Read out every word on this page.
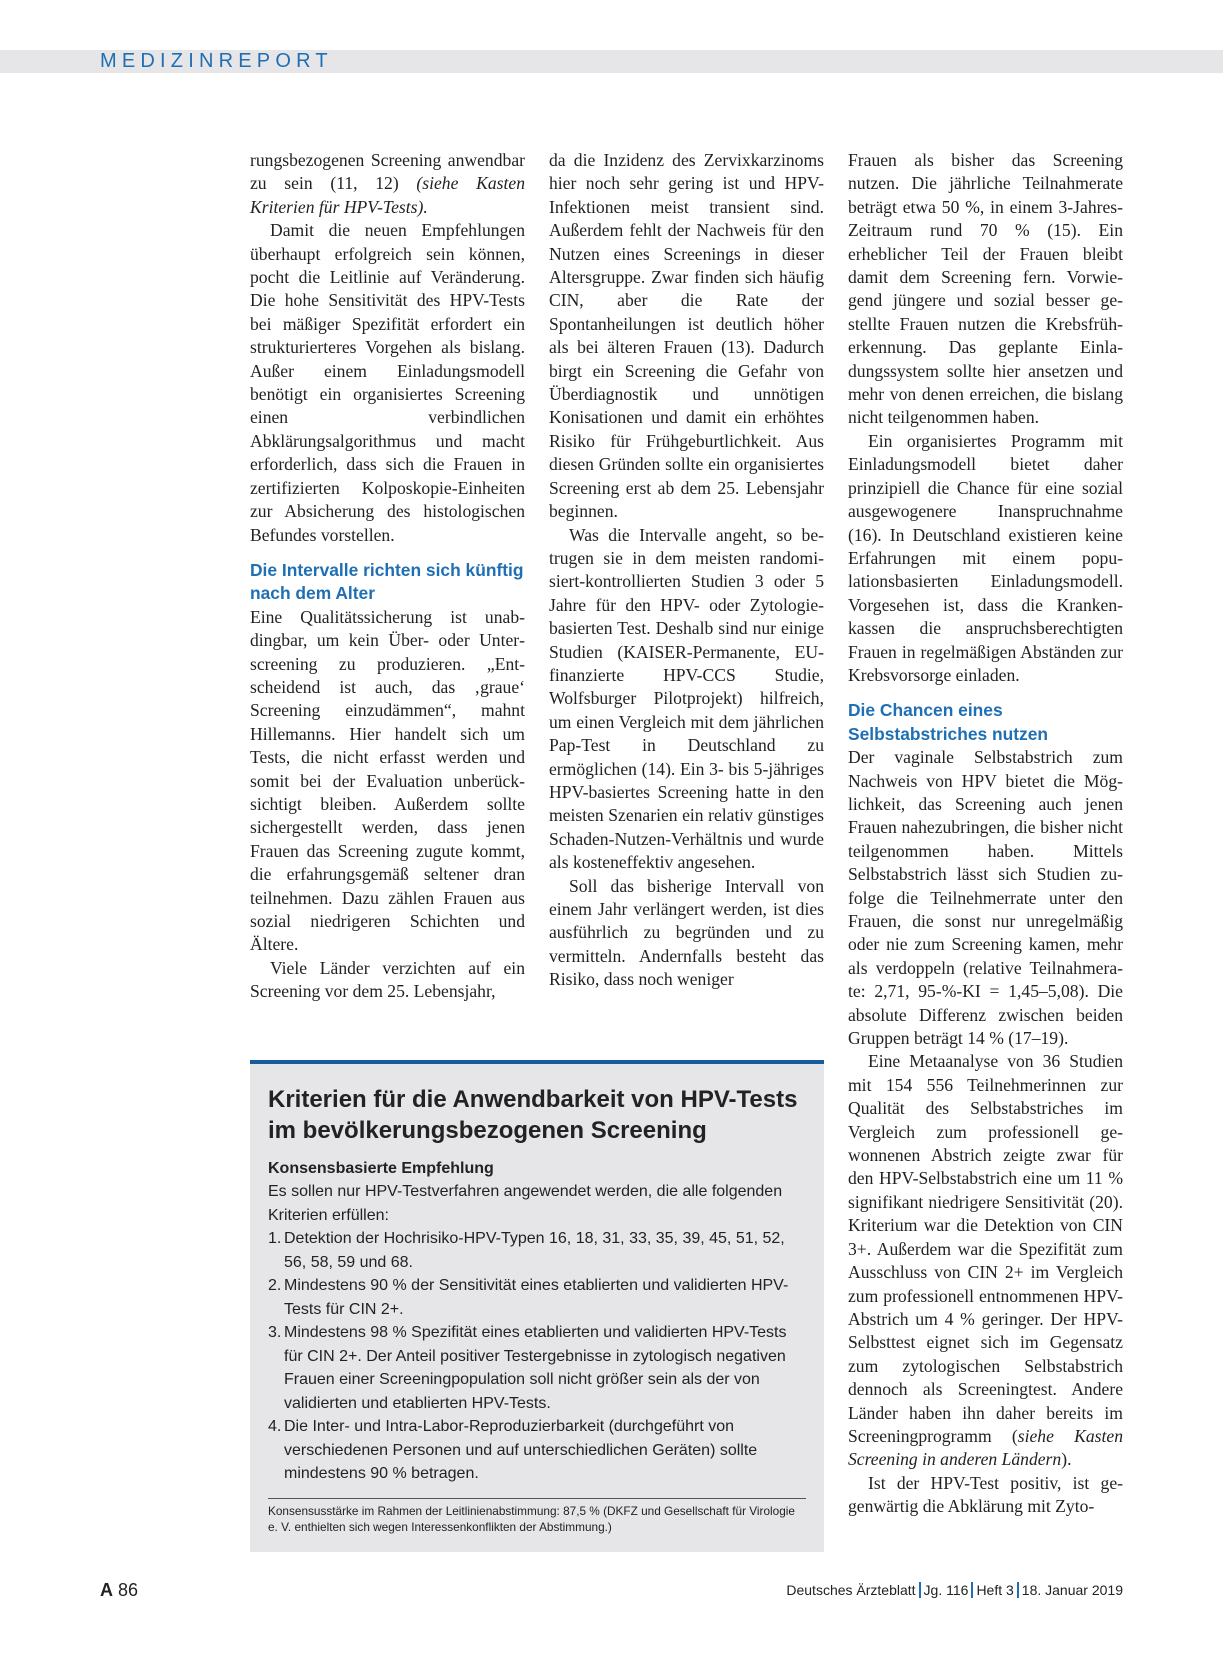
MEDIZINREPORT

rungsbezogenen Screening anwendbar zu sein (11, 12) (siehe Kasten Kriterien für HPV-Tests).

Damit die neuen Empfehlungen überhaupt erfolgreich sein können, pocht die Leitlinie auf Veränderung. Die hohe Sensitivität des HPV-Tests bei mäßiger Spezifität erfordert ein strukturierteres Vorgehen als bislang. Außer einem Einladungsmodell benötigt ein organisiertes Screening einen verbindlichen Abklärungsalgorithmus und macht erforderlich, dass sich die Frauen in zertifizierten Kolposkopie-Einheiten zur Absicherung des histologischen Befundes vorstellen.

Die Intervalle richten sich künftig nach dem Alter

Eine Qualitätssicherung ist unabdingbar, um kein Über- oder Unterscreening zu produzieren. „Entscheidend ist auch, das ‚graue‘ Screening einzudämmen“, mahnt Hillemanns. Hier handelt sich um Tests, die nicht erfasst werden und somit bei der Evaluation unberücksichtigt bleiben. Außerdem sollte sichergestellt werden, dass jenen Frauen das Screening zugute kommt, die erfahrungsgemäß seltener dran teilnehmen. Dazu zählen Frauen aus sozial niedrigeren Schichten und Ältere.

Viele Länder verzichten auf ein Screening vor dem 25. Lebensjahr,

da die Inzidenz des Zervixkarzinoms hier noch sehr gering ist und HPV-Infektionen meist transient sind. Außerdem fehlt der Nachweis für den Nutzen eines Screenings in dieser Altersgruppe. Zwar finden sich häufig CIN, aber die Rate der Spontanheilungen ist deutlich höher als bei älteren Frauen (13). Dadurch birgt ein Screening die Gefahr von Überdiagnostik und unnötigen Konisationen und damit ein erhöhtes Risiko für Frühgeburtlichkeit. Aus diesen Gründen sollte ein organisiertes Screening erst ab dem 25. Lebensjahr beginnen.

Was die Intervalle angeht, so betrugen sie in dem meisten randomisiert-kontrollierten Studien 3 oder 5 Jahre für den HPV- oder Zytologiebasierten Test. Deshalb sind nur einige Studien (KAISER-Permanente, EU-finanzierte HPV-CCS Studie, Wolfsburger Pilotprojekt) hilfreich, um einen Vergleich mit dem jährlichen Pap-Test in Deutschland zu ermöglichen (14). Ein 3- bis 5-jähriges HPV-basiertes Screening hatte in den meisten Szenarien ein relativ günstiges Schaden-Nutzen-Verhältnis und wurde als kosteneffektiv angesehen.

Soll das bisherige Intervall von einem Jahr verlängert werden, ist dies ausführlich zu begründen und zu vermitteln. Andernfalls besteht das Risiko, dass noch weniger

Frauen als bisher das Screening nutzen. Die jährliche Teilnahmerate beträgt etwa 50 %, in einem 3-Jahres-Zeitraum rund 70 % (15). Ein erheblicher Teil der Frauen bleibt damit dem Screening fern. Vorwiegend jüngere und sozial besser gestellte Frauen nutzen die Krebsfrüherkennung. Das geplante Einladungssystem sollte hier ansetzen und mehr von denen erreichen, die bislang nicht teilgenommen haben.

Ein organisiertes Programm mit Einladungsmodell bietet daher prinzipiell die Chance für eine sozial ausgewogenere Inanspruchnahme (16). In Deutschland existieren keine Erfahrungen mit einem populationsbasierten Einladungsmodell. Vorgesehen ist, dass die Krankenkassen die anspruchsberechtigten Frauen in regelmäßigen Abständen zur Krebsvorsorge einladen.

Die Chancen eines Selbstabstriches nutzen

Der vaginale Selbstabstrich zum Nachweis von HPV bietet die Möglichkeit, das Screening auch jenen Frauen nahezubringen, die bisher nicht teilgenommen haben. Mittels Selbstabstrich lässt sich Studien zufolge die Teilnehmerrate unter den Frauen, die sonst nur unregelmäßig oder nie zum Screening kamen, mehr als verdoppeln (relative Teilnahmerate: 2,71, 95-%-KI = 1,45–5,08). Die absolute Differenz zwischen beiden Gruppen beträgt 14 % (17–19).

Eine Metaanalyse von 36 Studien mit 154 556 Teilnehmerinnen zur Qualität des Selbstabstriches im Vergleich zum professionell gewonnenen Abstrich zeigte zwar für den HPV-Selbstabstrich eine um 11 % signifikant niedrigere Sensitivität (20). Kriterium war die Detektion von CIN 3+. Außerdem war die Spezifität zum Ausschluss von CIN 2+ im Vergleich zum professionell entnommenen HPV-Abstrich um 4 % geringer. Der HPV-Selbsttest eignet sich im Gegensatz zum zytologischen Selbstabstrich dennoch als Screeningtest. Andere Länder haben ihn daher bereits im Screeningprogramm (siehe Kasten Screening in anderen Ländern).

Ist der HPV-Test positiv, ist gegenwärtig die Abklärung mit Zyto-

Kriterien für die Anwendbarkeit von HPV-Tests im bevölkerungsbezogenen Screening

Konsensbasierte Empfehlung

Es sollen nur HPV-Testverfahren angewendet werden, die alle folgenden Kriterien erfüllen:

1. Detektion der Hochrisiko-HPV-Typen 16, 18, 31, 33, 35, 39, 45, 51, 52, 56, 58, 59 und 68.
2. Mindestens 90 % der Sensitivität eines etablierten und validierten HPV-Tests für CIN 2+.
3. Mindestens 98 % Spezifität eines etablierten und validierten HPV-Tests für CIN 2+. Der Anteil positiver Testergebnisse in zytologisch negativen Frauen einer Screeningpopulation soll nicht größer sein als der von validierten und etablierten HPV-Tests.
4. Die Inter- und Intra-Labor-Reproduzierbarkeit (durchgeführt von verschiedenen Personen und auf unterschiedlichen Geräten) sollte mindestens 90 % betragen.

Konsensusstärke im Rahmen der Leitlinienabstimmung: 87,5 % (DKFZ und Gesellschaft für Virologie e. V. enthielten sich wegen Interessenkonflikten der Abstimmung.)

A 86	Deutsches Ärzteblatt Jg. 116 Heft 3 18. Januar 2019
